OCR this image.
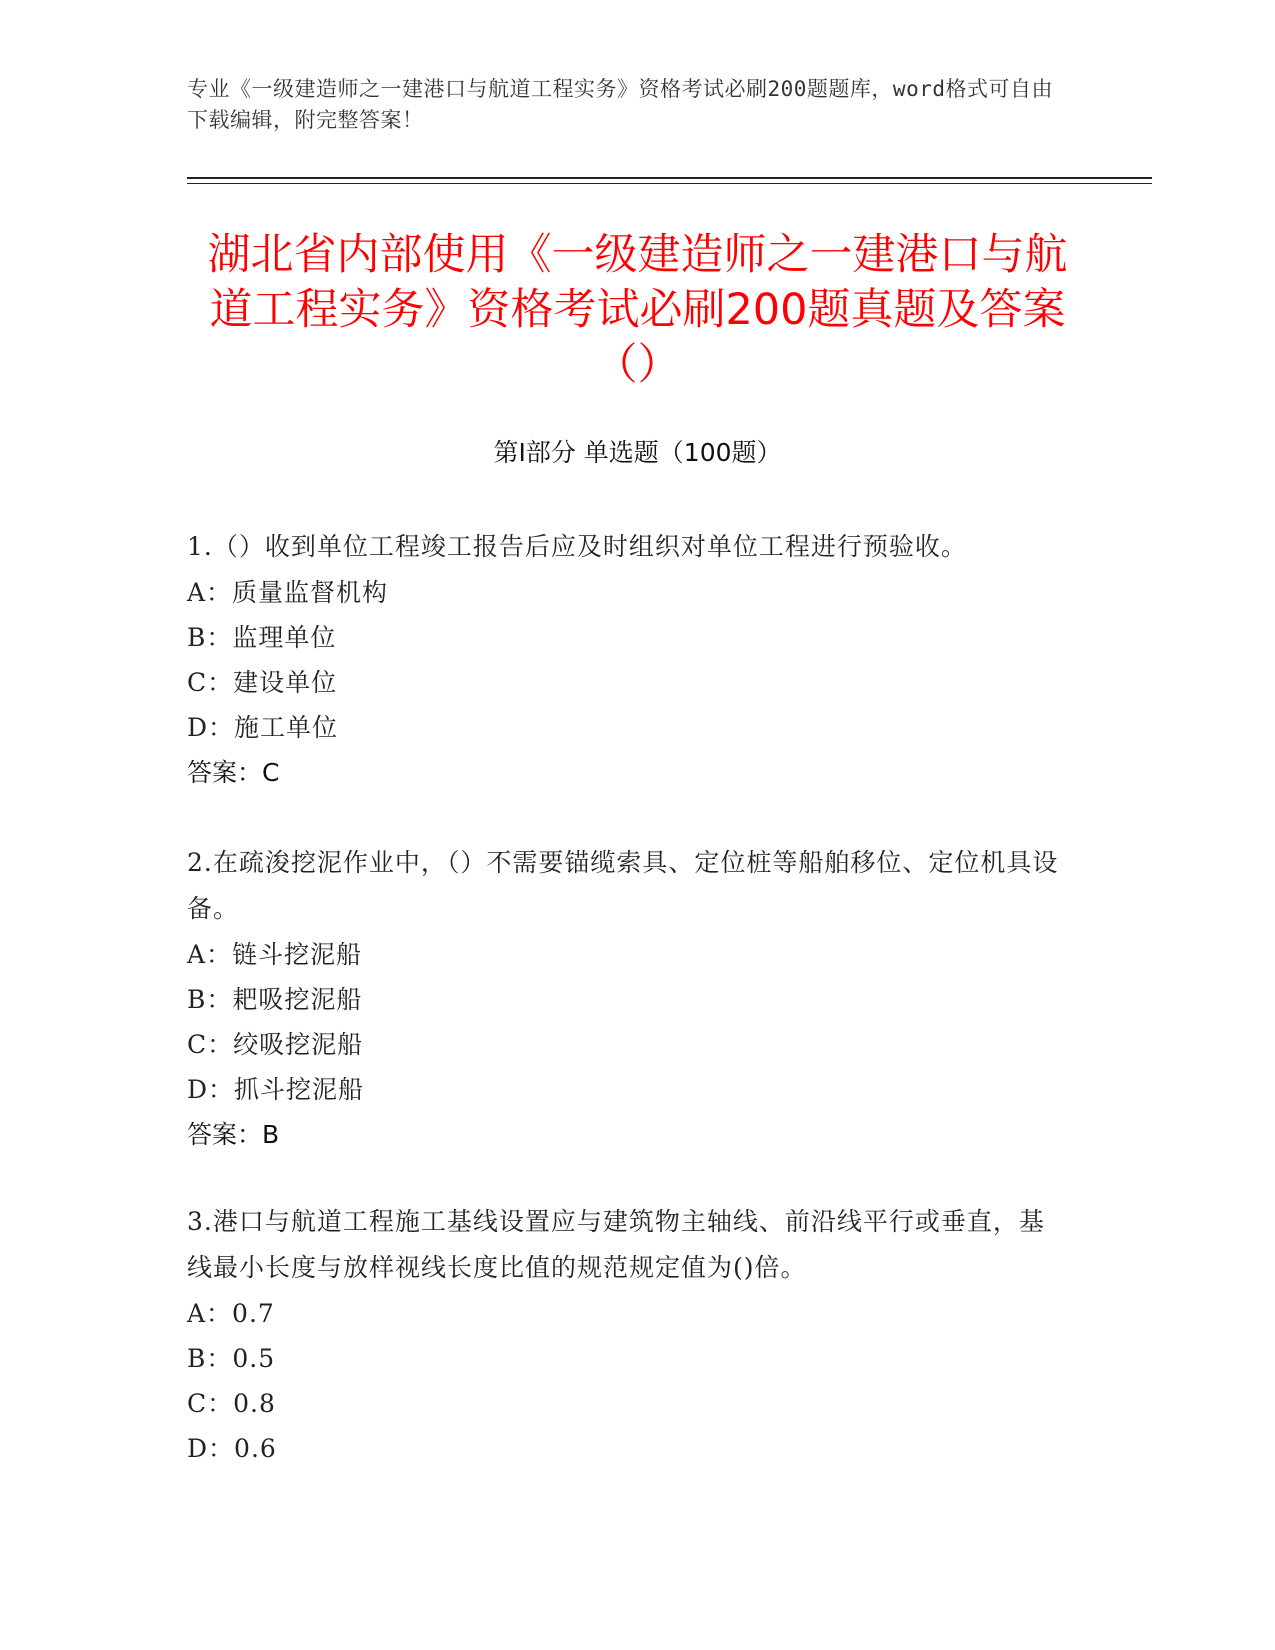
专业《一级建造师之一建港口与航道工程实务》资格考试必刷200题题库，word格式可自由下载编辑，附完整答案！
湖北省内部使用《一级建造师之一建港口与航道工程实务》资格考试必刷200题真题及答案（）
第Ⅰ部分 单选题（100题）
1.（）收到单位工程竣工报告后应及时组织对单位工程进行预验收。
A：质量监督机构
B：监理单位
C：建设单位
D：施工单位
答案：C
2.在疏浚挖泥作业中，（）不需要锚缆索具、定位桩等船舶移位、定位机具设备。
A：链斗挖泥船
B：耙吸挖泥船
C：绞吸挖泥船
D：抓斗挖泥船
答案：B
3.港口与航道工程施工基线设置应与建筑物主轴线、前沿线平行或垂直，基线最小长度与放样视线长度比值的规范规定值为()倍。
A：0.7
B：0.5
C：0.8
D：0.6
